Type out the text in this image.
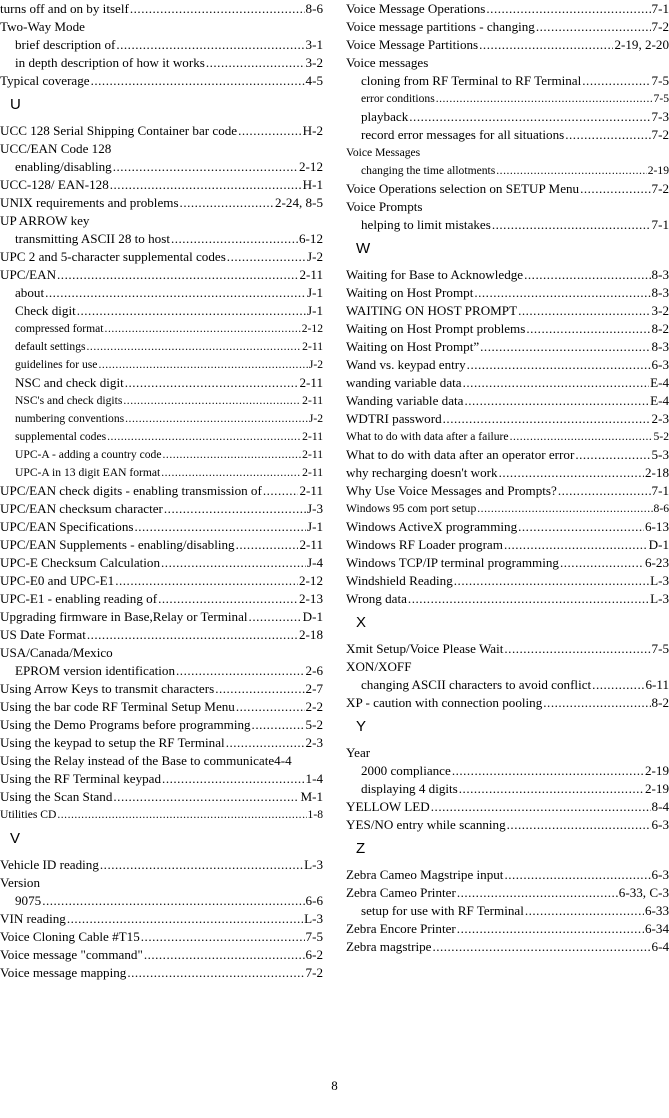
turns off and on by itself .....	8-6
Two-Way Mode
brief description of .....	3-1
in depth description of how it works .....	3-2
Typical coverage .....	4-5
U
UCC 128 Serial Shipping Container bar code .....	H-2
UCC/EAN Code 128
enabling/disabling .....	2-12
UCC-128/ EAN-128 .....	H-1
UNIX requirements and problems .....	2-24, 8-5
UP ARROW key
transmitting ASCII 28 to host .....	6-12
UPC 2 and 5-character supplemental codes .....	J-2
UPC/EAN .....	2-11
about .....	J-1
Check digit .....	J-1
compressed format .....	2-12
default settings .....	2-11
guidelines for use .....	J-2
NSC and check digit .....	2-11
NSC's and check digits .....	2-11
numbering conventions .....	J-2
supplemental codes .....	2-11
UPC-A - adding a country code .....	2-11
UPC-A in 13 digit EAN format .....	2-11
UPC/EAN check digits - enabling transmission of .....	2-11
UPC/EAN checksum character .....	J-3
UPC/EAN Specifications .....	J-1
UPC/EAN Supplements - enabling/disabling .....	2-11
UPC-E Checksum Calculation .....	J-4
UPC-E0 and UPC-E1 .....	2-12
UPC-E1 - enabling reading of .....	2-13
Upgrading firmware in Base,Relay or Terminal .....	D-1
US Date Format .....	2-18
USA/Canada/Mexico
EPROM version identification .....	2-6
Using Arrow Keys to transmit characters .....	2-7
Using the bar code RF Terminal Setup Menu .....	2-2
Using the Demo Programs before programming .....	5-2
Using the keypad to setup the RF Terminal .....	2-3
Using the Relay instead of the Base to communicate 4-4
Using the RF Terminal keypad .....	1-4
Using the Scan Stand .....	M-1
Utilities CD .....	1-8
V
Vehicle ID reading .....	L-3
Version
9075 .....	6-6
VIN reading .....	L-3
Voice Cloning Cable #T15 .....	7-5
Voice message "command" .....	6-2
Voice message mapping .....	7-2
Voice Message Operations .....	7-1
Voice message partitions - changing .....	7-2
Voice Message Partitions .....	2-19, 2-20
Voice messages
cloning from RF Terminal to RF Terminal .....	7-5
error conditions .....	7-5
playback .....	7-3
record error messages for all situations .....	7-2
Voice Messages
changing the time allotments .....	2-19
Voice Operations selection on SETUP Menu .....	7-2
Voice Prompts
helping to limit mistakes .....	7-1
W
Waiting for Base to Acknowledge .....	8-3
Waiting on Host Prompt .....	8-3
WAITING ON HOST PROMPT .....	3-2
Waiting on Host Prompt problems .....	8-2
Waiting on Host Prompt” .....	8-3
Wand vs. keypad entry .....	6-3
wanding variable data .....	E-4
Wanding variable data .....	E-4
WDTRI password .....	2-3
What to do with data after a failure .....	5-2
What to do with data after an operator error .....	5-3
why recharging doesn't work .....	2-18
Why Use Voice Messages and Prompts? .....	7-1
Windows 95 com port setup .....	8-6
Windows ActiveX programming .....	6-13
Windows RF Loader program .....	D-1
Windows TCP/IP terminal programming .....	6-23
Windshield Reading .....	L-3
Wrong data .....	L-3
X
Xmit Setup/Voice Please Wait .....	7-5
XON/XOFF
changing ASCII characters to avoid conflict .....	6-11
XP - caution with connection pooling .....	8-2
Y
Year
2000 compliance .....	2-19
displaying 4 digits .....	2-19
YELLOW LED .....	8-4
YES/NO entry while scanning .....	6-3
Z
Zebra Cameo Magstripe input .....	6-3
Zebra Cameo Printer .....	6-33, C-3
setup for use with RF Terminal .....	6-33
Zebra Encore Printer .....	6-34
Zebra magstripe .....	6-4
8
